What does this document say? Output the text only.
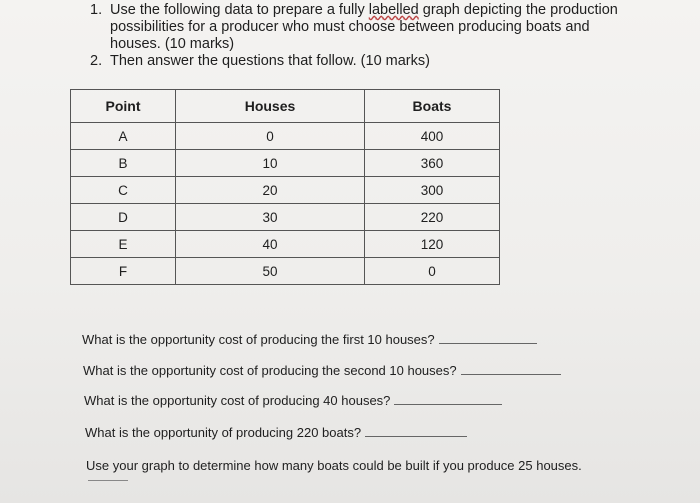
1. Use the following data to prepare a fully labelled graph depicting the production
possibilities for a producer who must choose between producing boats and
houses. (10 marks)
2. Then answer the questions that follow. (10 marks)
Point	Houses	Boats
A	0	400
B	10	360
C	20	300
D	30	220
E	40	120
F	50	0
What is the opportunity cost of producing the first 10 houses?
What is the opportunity cost of producing the second 10 houses?
What is the opportunity cost of producing 40 houses?
What is the opportunity of producing 220 boats?
Use your graph to determine how many boats could be built if you produce 25 houses.
